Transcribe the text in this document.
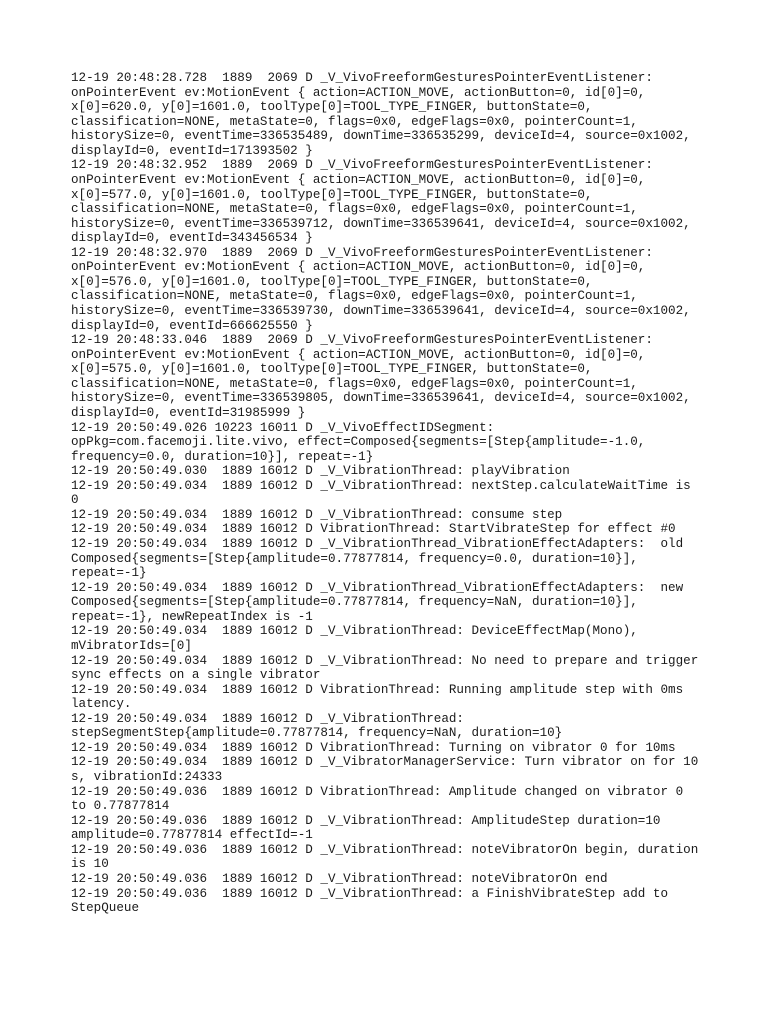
12-19 20:48:28.728  1889  2069 D _V_VivoFreeformGesturesPointerEventListener:
onPointerEvent ev:MotionEvent { action=ACTION_MOVE, actionButton=0, id[0]=0,
x[0]=620.0, y[0]=1601.0, toolType[0]=TOOL_TYPE_FINGER, buttonState=0,
classification=NONE, metaState=0, flags=0x0, edgeFlags=0x0, pointerCount=1,
historySize=0, eventTime=336535489, downTime=336535299, deviceId=4, source=0x1002,
displayId=0, eventId=171393502 }
12-19 20:48:32.952  1889  2069 D _V_VivoFreeformGesturesPointerEventListener:
onPointerEvent ev:MotionEvent { action=ACTION_MOVE, actionButton=0, id[0]=0,
x[0]=577.0, y[0]=1601.0, toolType[0]=TOOL_TYPE_FINGER, buttonState=0,
classification=NONE, metaState=0, flags=0x0, edgeFlags=0x0, pointerCount=1,
historySize=0, eventTime=336539712, downTime=336539641, deviceId=4, source=0x1002,
displayId=0, eventId=343456534 }
12-19 20:48:32.970  1889  2069 D _V_VivoFreeformGesturesPointerEventListener:
onPointerEvent ev:MotionEvent { action=ACTION_MOVE, actionButton=0, id[0]=0,
x[0]=576.0, y[0]=1601.0, toolType[0]=TOOL_TYPE_FINGER, buttonState=0,
classification=NONE, metaState=0, flags=0x0, edgeFlags=0x0, pointerCount=1,
historySize=0, eventTime=336539730, downTime=336539641, deviceId=4, source=0x1002,
displayId=0, eventId=666625550 }
12-19 20:48:33.046  1889  2069 D _V_VivoFreeformGesturesPointerEventListener:
onPointerEvent ev:MotionEvent { action=ACTION_MOVE, actionButton=0, id[0]=0,
x[0]=575.0, y[0]=1601.0, toolType[0]=TOOL_TYPE_FINGER, buttonState=0,
classification=NONE, metaState=0, flags=0x0, edgeFlags=0x0, pointerCount=1,
historySize=0, eventTime=336539805, downTime=336539641, deviceId=4, source=0x1002,
displayId=0, eventId=31985999 }
12-19 20:50:49.026 10223 16011 D _V_VivoEffectIDSegment:
opPkg=com.facemoji.lite.vivo, effect=Composed{segments=[Step{amplitude=-1.0,
frequency=0.0, duration=10}], repeat=-1}
12-19 20:50:49.030  1889 16012 D _V_VibrationThread: playVibration
12-19 20:50:49.034  1889 16012 D _V_VibrationThread: nextStep.calculateWaitTime is
0
12-19 20:50:49.034  1889 16012 D _V_VibrationThread: consume step
12-19 20:50:49.034  1889 16012 D VibrationThread: StartVibrateStep for effect #0
12-19 20:50:49.034  1889 16012 D _V_VibrationThread_VibrationEffectAdapters:  old
Composed{segments=[Step{amplitude=0.77877814, frequency=0.0, duration=10}],
repeat=-1}
12-19 20:50:49.034  1889 16012 D _V_VibrationThread_VibrationEffectAdapters:  new
Composed{segments=[Step{amplitude=0.77877814, frequency=NaN, duration=10}],
repeat=-1}, newRepeatIndex is -1
12-19 20:50:49.034  1889 16012 D _V_VibrationThread: DeviceEffectMap(Mono),
mVibratorIds=[0]
12-19 20:50:49.034  1889 16012 D _V_VibrationThread: No need to prepare and trigger
sync effects on a single vibrator
12-19 20:50:49.034  1889 16012 D VibrationThread: Running amplitude step with 0ms
latency.
12-19 20:50:49.034  1889 16012 D _V_VibrationThread:
stepSegmentStep{amplitude=0.77877814, frequency=NaN, duration=10}
12-19 20:50:49.034  1889 16012 D VibrationThread: Turning on vibrator 0 for 10ms
12-19 20:50:49.034  1889 16012 D _V_VibratorManagerService: Turn vibrator on for 10
s, vibrationId:24333
12-19 20:50:49.036  1889 16012 D VibrationThread: Amplitude changed on vibrator 0
to 0.77877814
12-19 20:50:49.036  1889 16012 D _V_VibrationThread: AmplitudeStep duration=10
amplitude=0.77877814 effectId=-1
12-19 20:50:49.036  1889 16012 D _V_VibrationThread: noteVibratorOn begin, duration
is 10
12-19 20:50:49.036  1889 16012 D _V_VibrationThread: noteVibratorOn end
12-19 20:50:49.036  1889 16012 D _V_VibrationThread: a FinishVibrateStep add to
StepQueue
